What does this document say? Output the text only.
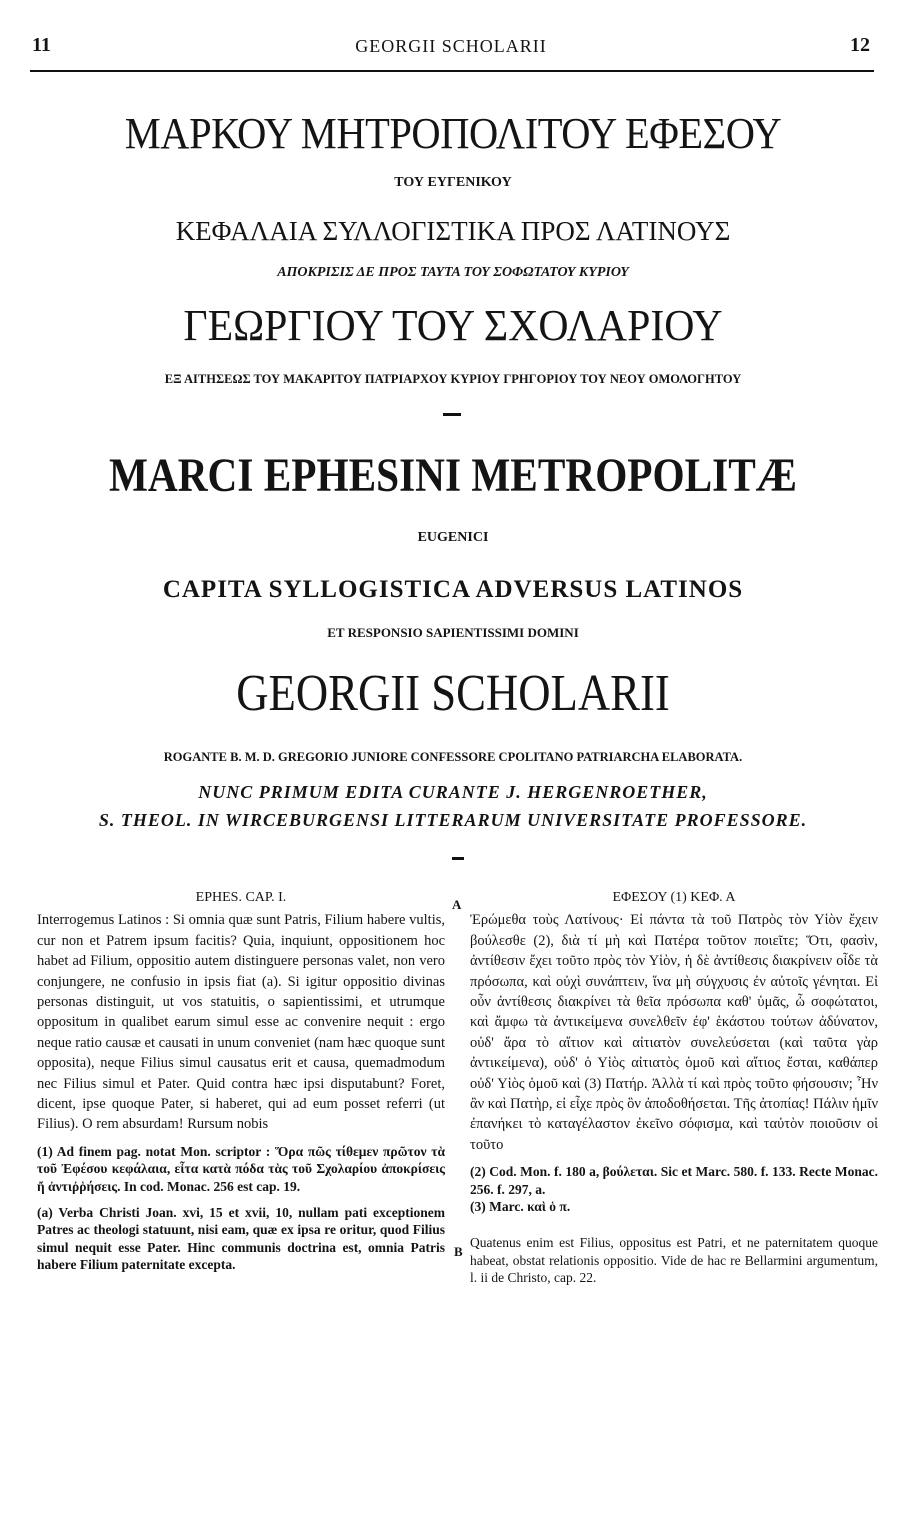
11	GEORGII SCHOLARII	12
ΜΑΡΚΟΥ ΜΗΤΡΟΠΟΛΙΤΟΥ ΕΦΕΣΟΥ
ΤΟΥ ΕΥΓΕΝΙΚΟΥ
ΚΕΦΑΛΑΙΑ ΣΥΛΛΟΓΙΣΤΙΚΑ ΠΡΟΣ ΛΑΤΙΝΟΥΣ
ΑΠΟΚΡΙΣΙΣ ΔΕ ΠΡΟΣ ΤΑΥΤΑ ΤΟΥ ΣΟΦΩΤΑΤΟΥ ΚΥΡΙΟΥ
ΓΕΩΡΓΙΟΥ ΤΟΥ ΣΧΟΛΑΡΙΟΥ
ΕΞ ΑΙΤΗΣΕΩΣ ΤΟΥ ΜΑΚΑΡΙΤΟΥ ΠΑΤΡΙΑΡΧΟΥ ΚΥΡΙΟΥ ΓΡΗΓΟΡΙΟΥ ΤΟΥ ΝΕΟΥ ΟΜΟΛΟΓΗΤΟΥ
MARCI EPHESINI METROPOLITÆ
EUGENICI
CAPITA SYLLOGISTICA ADVERSUS LATINOS
ET RESPONSIO SAPIENTISSIMI DOMINI
GEORGII SCHOLARII
ROGANTE B. M. D. GREGORIO JUNIORE CONFESSORE CPOLITANO PATRIARCHA ELABORATA.
NUNC PRIMUM EDITA CURANTE J. HERGENROETHER,
S. THEOL. IN WIRCEBURGENSI LITTERARUM UNIVERSITATE PROFESSORE.
EPHES. CAP. I.

Interrogemus Latinos : Si omnia quæ sunt Patris, Filium habere vultis, cur non et Patrem ipsum facitis? Quia, inquiunt, oppositionem hoc habet ad Filium, oppositio autem distinguere personas valet, non vero conjungere, ne confusio in ipsis fiat (a). Si igitur oppositio divinas personas distinguit, ut vos statuitis, o sapientissimi, et utrumque oppositum in qualibet earum simul esse ac convenire nequit : ergo neque ratio causæ et causati in unum conveniet (nam hæc quoque sunt opposita), neque Filius simul causatus erit et causa, quemadmodum nec Filius simul et Pater. Quid contra hæc ipsi disputabunt? Foret, dicent, ipse quoque Pater, si haberet, qui ad eum posset referri (ut Filius). O rem absurdam! Rursum nobis

(1) Ad finem pag. notat Mon. scriptor : Ὅρα πῶς τίθεμεν πρῶτον τὰ τοῦ Ἐφέσου κεφάλαια, εἶτα κατὰ πόδα τὰς τοῦ Σχολαρίου ἀποκρίσεις ἤ ἀντιῤῥήσεις. In cod. Monac. 256 est cap. 19.

(a) Verba Christi Joan. xvi, 15 et xvii, 10, nullam pati exceptionem Patres ac theologi statuunt, nisi eam, quæ ex ipsa re oritur, quod Filius simul nequit esse Pater. Hinc communis doctrina est, omnia Patris habere Filium paternitate excepta.

A
B
ΕΦΕΣΟΥ (1) ΚΕΦ. Α

Ἐρώμεθα τοὺς Λατίνους· Εἰ πάντα τὰ τοῦ Πατρὸς τὸν Υἱὸν ἔχειν βούλεσθε (2), διὰ τί μὴ καὶ Πατέρα τοῦτον ποιεῖτε; Ὅτι, φασὶν, ἀντίθεσιν ἔχει τοῦτο πρὸς τὸν Υἱὸν, ἡ δὲ ἀντίθεσις διακρίνειν οἶδε τὰ πρόσωπα, καὶ οὐχὶ συνάπτειν, ἵνα μὴ σύγχυσις ἐν αὐτοῖς γένηται. Εἰ οὖν ἀντίθεσις διακρίνει τὰ θεῖα πρόσωπα καθ' ὑμᾶς, ὦ σοφώτατοι, καὶ ἄμφω τὰ ἀντικείμενα συνελθεῖν ἐφ' ἑκάστου τούτων ἀδύνατον, οὐδ' ἄρα τὸ αἴτιον καὶ αἰτιατὸν συνελεύσεται (καὶ ταῦτα γὰρ ἀντικείμενα), οὐδ' ὁ Υἱὸς αἰτιατὸς ὁμοῦ καὶ αἴτιος ἔσται, καθάπερ οὐδ' Υἱὸς ὁμοῦ καὶ (3) Πατήρ. Ἀλλὰ τί καὶ πρὸς τοῦτο φήσουσιν; Ἦν ἂν καὶ Πατὴρ, εἰ εἶχε πρὸς ὃν ἀποδοθήσεται. Τῆς ἀτοπίας! Πάλιν ἡμῖν ἐπανήκει τὸ καταγέλαστον ἐκεῖνο σόφισμα, καὶ ταὐτὸν ποιοῦσιν οἱ τοῦτο

(2) Cod. Mon. f. 180 a, βούλεται. Sic et Marc. 580. f. 133. Recte Monac. 256. f. 297, a.

(3) Marc. καὶ ὁ π.

Quatenus enim est Filius, oppositus est Patri, et ne paternitatem quoque habeat, obstat relationis oppositio. Vide de hac re Bellarmini argumentum, l. ii de Christo, cap. 22.
